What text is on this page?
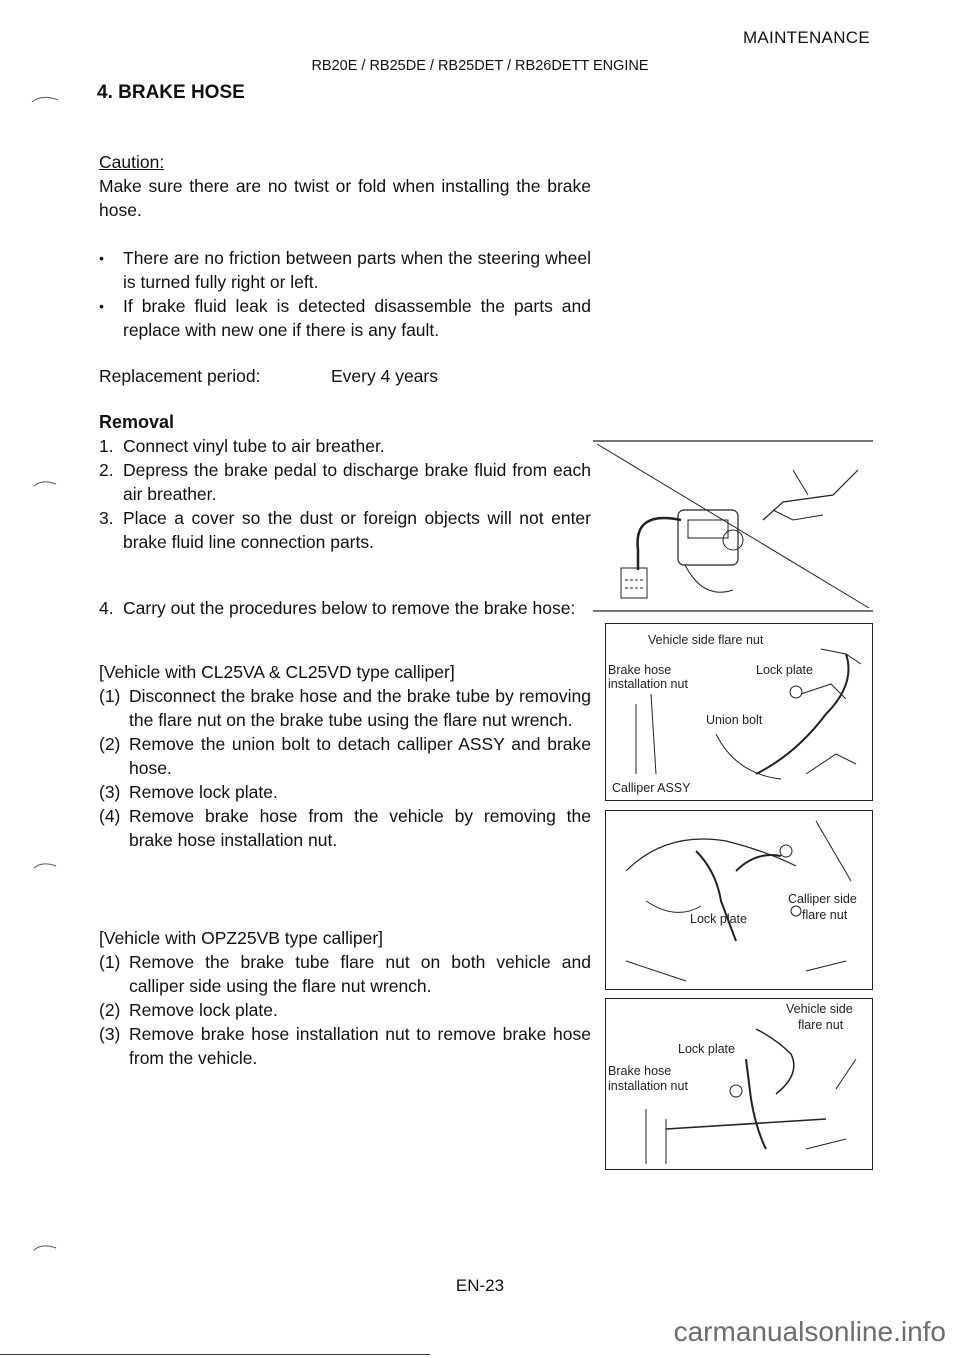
MAINTENANCE
RB20E / RB25DE / RB25DET / RB26DETT ENGINE
4. BRAKE HOSE

Caution:

Make sure there are no twist or fold when installing the brake hose.

• There are no friction between parts when the steering wheel is turned fully right or left.
• If brake fluid leak is detected disassemble the parts and replace with new one if there is any fault.
Replacement period:	Every 4 years
Removal
1. Connect vinyl tube to air breather.
2. Depress the brake pedal to discharge brake fluid from each air breather.
3. Place a cover so the dust or foreign objects will not enter brake fluid line connection parts.
4. Carry out the procedures below to remove the brake hose:
[Vehicle with CL25VA & CL25VD type calliper]
(1) Disconnect the brake hose and the brake tube by removing the flare nut on the brake tube using the flare nut wrench.
(2) Remove the union bolt to detach calliper ASSY and brake hose.
(3) Remove lock plate.
(4) Remove brake hose from the vehicle by removing the brake hose installation nut.
[Vehicle with OPZ25VB type calliper]
(1) Remove the brake tube flare nut on both vehicle and calliper side using the flare nut wrench.
(2) Remove lock plate.
(3) Remove brake hose installation nut to remove brake hose from the vehicle.
Vehicle side flare nut
Brake hose
installation nut
Lock plate
Union bolt
Calliper ASSY
Calliper side
flare nut
Lock plate
Vehicle side
flare nut
Lock plate
Brake hose
installation nut
EN-23
carmanualsonline.info
